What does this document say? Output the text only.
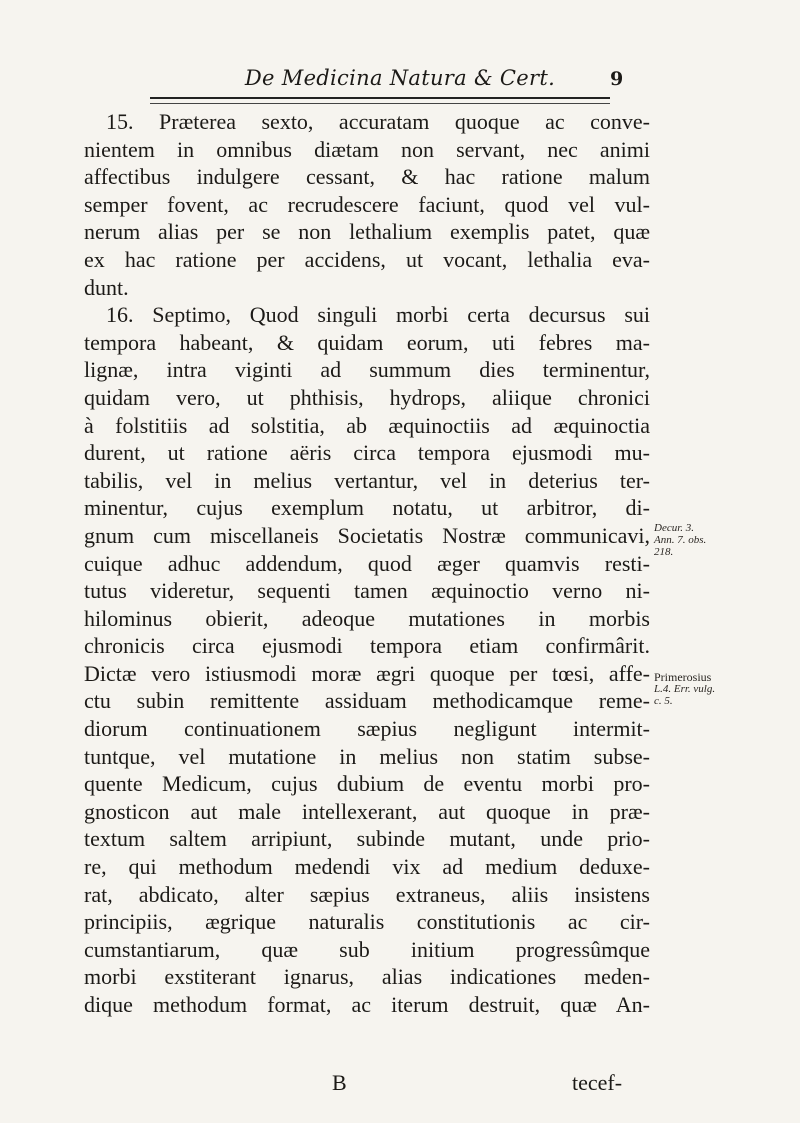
De Medicina Natura & Cert.	9
15. Præterea sexto, accuratam quoque ac conve-
nientem in omnibus diætam non servant, nec animi
affectibus indulgere cessant, & hac ratione malum
semper fovent, ac recrudescere faciunt, quod vel vul-
nerum alias per se non lethalium exemplis patet, quæ
ex hac ratione per accidens, ut vocant, lethalia eva-
dunt.
16. Septimo, Quod singuli morbi certa decursus sui
tempora habeant, & quidam eorum, uti febres ma-
lignæ, intra viginti ad summum dies terminentur,
quidam vero, ut phthisis, hydrops, aliique chronici
à folstitiis ad solstitia, ab æquinoctiis ad æquinoctia
durent, ut ratione aëris circa tempora ejusmodi mu-
tabilis, vel in melius vertantur, vel in deterius ter-
minentur, cujus exemplum notatu, ut arbitror, di-
gnum cum miscellaneis Societatis Nostræ communicavi,
cuique adhuc addendum, quod æger quamvis resti-
tutus videretur, sequenti tamen æquinoctio verno ni-
hilominus obierit, adeoque mutationes in morbis
chronicis circa ejusmodi tempora etiam confirmârit.
Dictæ vero istiusmodi moræ ægri quoque per tœsi, affe-
ctu subin remittente assiduam methodicamque reme-
diorum continuationem sæpius negligunt intermit-
tuntque, vel mutatione in melius non statim subse-
quente Medicum, cujus dubium de eventu morbi pro-
gnosticon aut male intellexerant, aut quoque in præ-
textum saltem arripiunt, subinde mutant, unde prio-
re, qui methodum medendi vix ad medium deduxe-
rat, abdicato, alter sæpius extraneus, aliis insistens
principiis, ægrique naturalis constitutionis ac cir-
cumstantiarum, quæ sub initium progressûmque
morbi exstiterant ignarus, alias indicationes meden-
dique methodum format, ac iterum destruit, quæ An-
B	tecef-
Decur. 3.
Ann. 7. obs.
218.
Primerosius
L.4. Err. vulg.
c. 5.
